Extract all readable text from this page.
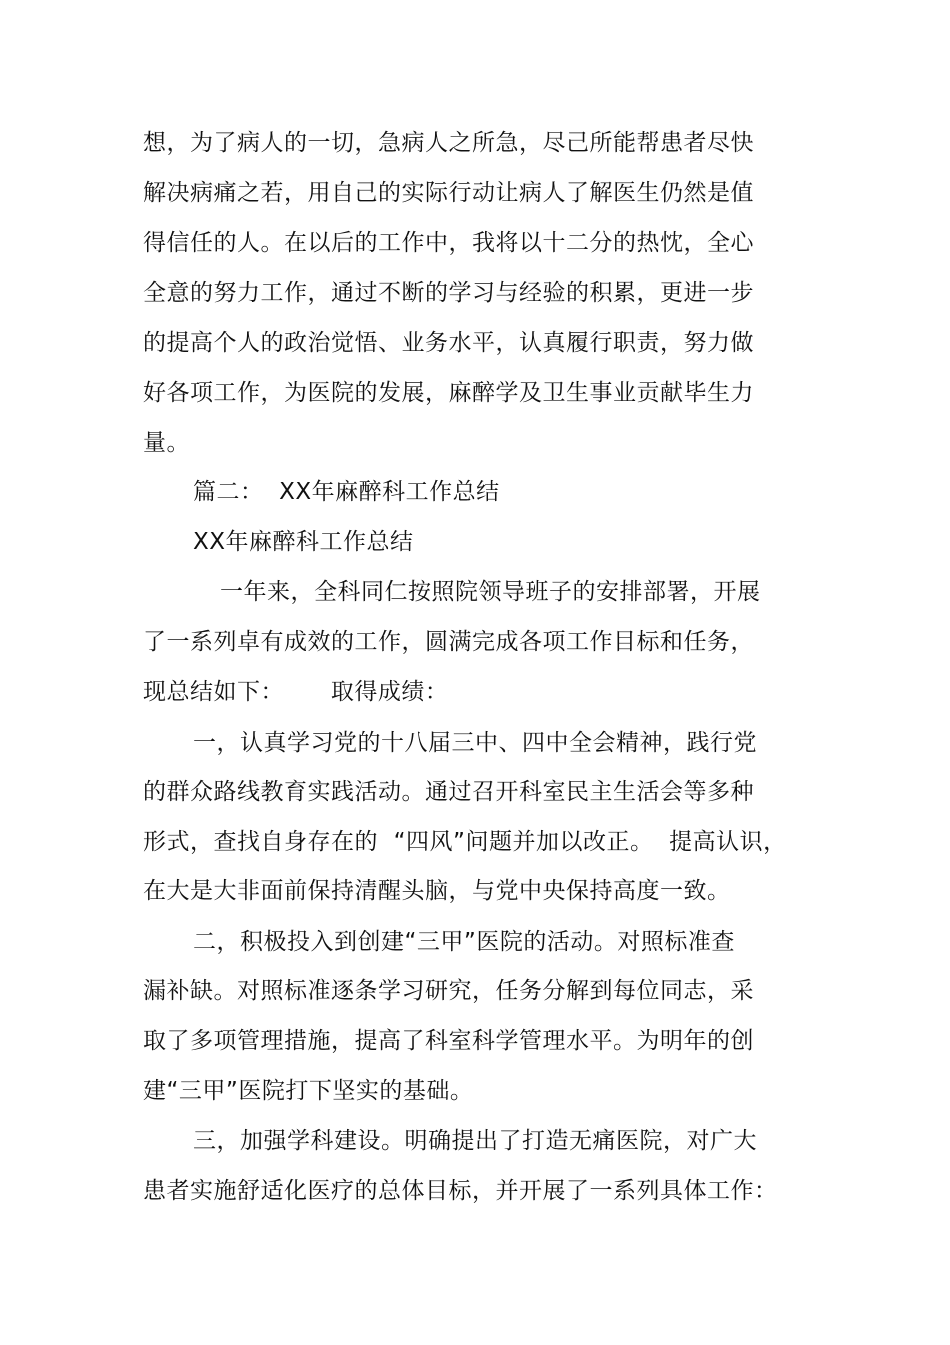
想，为了病人的一切，急病人之所急，尽己所能帮患者尽快
解决病痛之若，用自己的实际行动让病人了解医生仍然是值
得信任的人。在以后的工作中，我将以十二分的热忱，全心
全意的努力工作，通过不断的学习与经验的积累，更进一步
的提高个人的政治觉悟、业务水平，认真履行职责，努力做
好各项工作，为医院的发展，麻醉学及卫生事业贡献毕生力
量。
篇二：  XX年麻醉科工作总结
XX年麻醉科工作总结
一年来，全科同仁按照院领导班子的安排部署，开展
了一系列卓有成效的工作，圆满完成各项工作目标和任务，
现总结如下：      取得成绩：
一，认真学习党的十八届三中、四中全会精神，践行党
的群众路线教育实践活动。通过召开科室民主生活会等多种
形式，查找自身存在的  “四风”问题并加以改正。  提高认识，
在大是大非面前保持清醒头脑，与党中央保持高度一致。
二，积极投入到创建“三甲”医院的活动。对照标准查
漏补缺。对照标准逐条学习研究，任务分解到每位同志，采
取了多项管理措施，提高了科室科学管理水平。为明年的创
建“三甲”医院打下坚实的基础。
三，加强学科建设。明确提出了打造无痛医院，对广大
患者实施舒适化医疗的总体目标，并开展了一系列具体工作：
